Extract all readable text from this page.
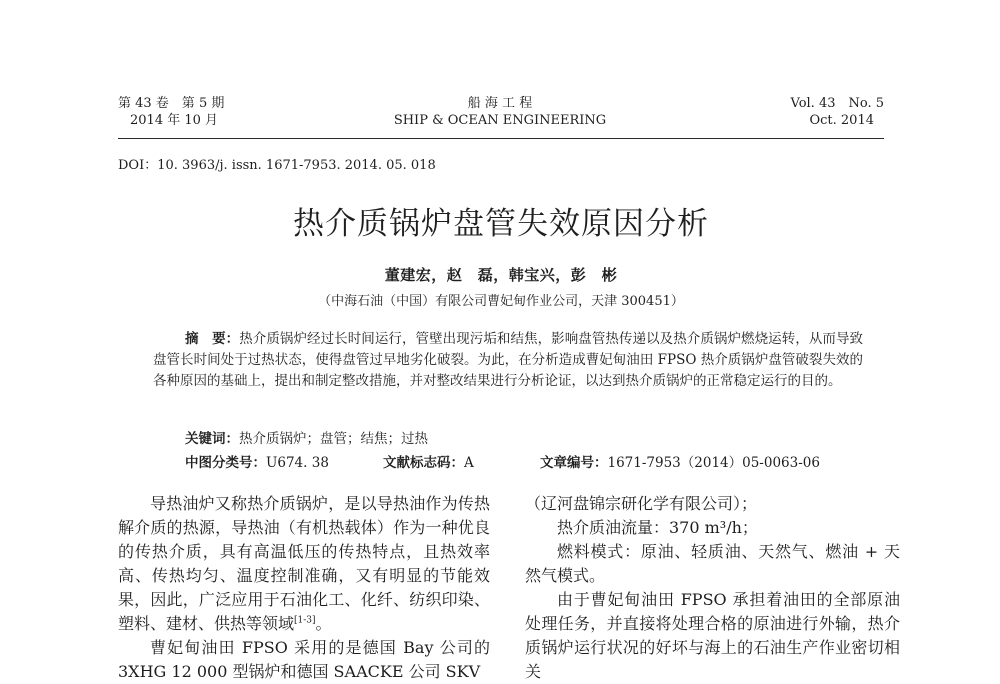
第 43 卷　第 5 期
2014 年 10 月
船 海 工 程
SHIP & OCEAN ENGINEERING
Vol. 43　No. 5
Oct. 2014
DOI：10. 3963/j. issn. 1671-7953. 2014. 05. 018
热介质锅炉盘管失效原因分析
董建宏，赵　磊，韩宝兴，彭　彬
（中海石油（中国）有限公司曹妃甸作业公司，天津 300451）
摘　要：热介质锅炉经过长时间运行，管壁出现污垢和结焦，影响盘管热传递以及热介质锅炉燃烧运转，从而导致盘管长时间处于过热状态，使得盘管过早地劣化破裂。为此，在分析造成曹妃甸油田 FPSO 热介质锅炉盘管破裂失效的各种原因的基础上，提出和制定整改措施，并对整改结果进行分析论证，以达到热介质锅炉的正常稳定运行的目的。
关键词：热介质锅炉；盘管；结焦；过热
中图分类号：U674. 38	文献标志码：A	文章编号：1671-7953（2014）05-0063-06

导热油炉又称热介质锅炉，是以导热油作为传热解介质的热源，导热油（有机热载体）作为一种优良的传热介质，具有高温低压的传热特点，且热效率高、传热均匀、温度控制准确，又有明显的节能效果，因此，广泛应用于石油化工、化纤、纺织印染、塑料、建材、供热等领域[1-3]。

曹妃甸油田 FPSO 采用的是德国 Bay 公司的 3XHG 12 000 型锅炉和德国 SAACKE 公司 SKV

（辽河盘锦宗研化学有限公司）；

热介质油流量：370 m³/h；

燃料模式：原油、轻质油、天然气、燃油 + 天然气模式。

由于曹妃甸油田 FPSO 承担着油田的全部原油处理任务，并直接将处理合格的原油进行外输，热介质锅炉运行状况的好坏与海上的石油生产作业密切相关
